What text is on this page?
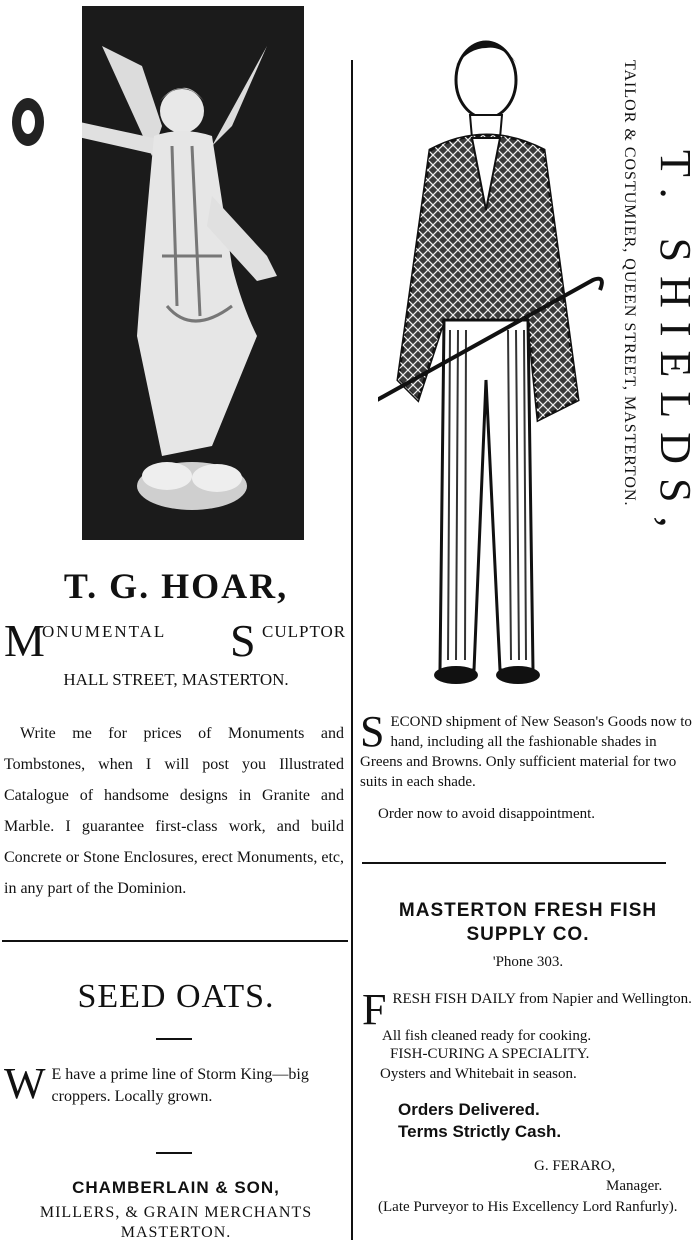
T. G. HOAR,
M
ONUMENTAL S CULPTOR
HALL STREET, MASTERTON.
Write me for prices of Monuments and Tombstones, when I will post you Illustrated Catalogue of handsome designs in Granite and Marble. I guarantee first-class work, and build Concrete or Stone Enclosures, erect Monuments, etc, in any part of the Dominion.
SEED OATS.
W E have a prime line of Storm King—big croppers. Locally grown.
CHAMBERLAIN & SON,
MILLERS, & GRAIN MERCHANTS
MASTERTON.
T. SHIELDS,
TAILOR & COSTUMIER, QUEEN STREET, MASTERTON.
S ECOND shipment of New Season's Goods now to hand, including all the fashionable shades in Greens and Browns. Only sufficient material for two suits in each shade.
Order now to avoid disappointment.
MASTERTON FRESH FISH
SUPPLY CO.
'Phone 303.
F RESH FISH DAILY from Napier and Wellington.
All fish cleaned ready for cooking.
FISH-CURING A SPECIALITY.
Oysters and Whitebait in season.
Orders Delivered.
Terms Strictly Cash.
G. FERARO,
Manager.
(Late Purveyor to His Excellency Lord Ranfurly).
